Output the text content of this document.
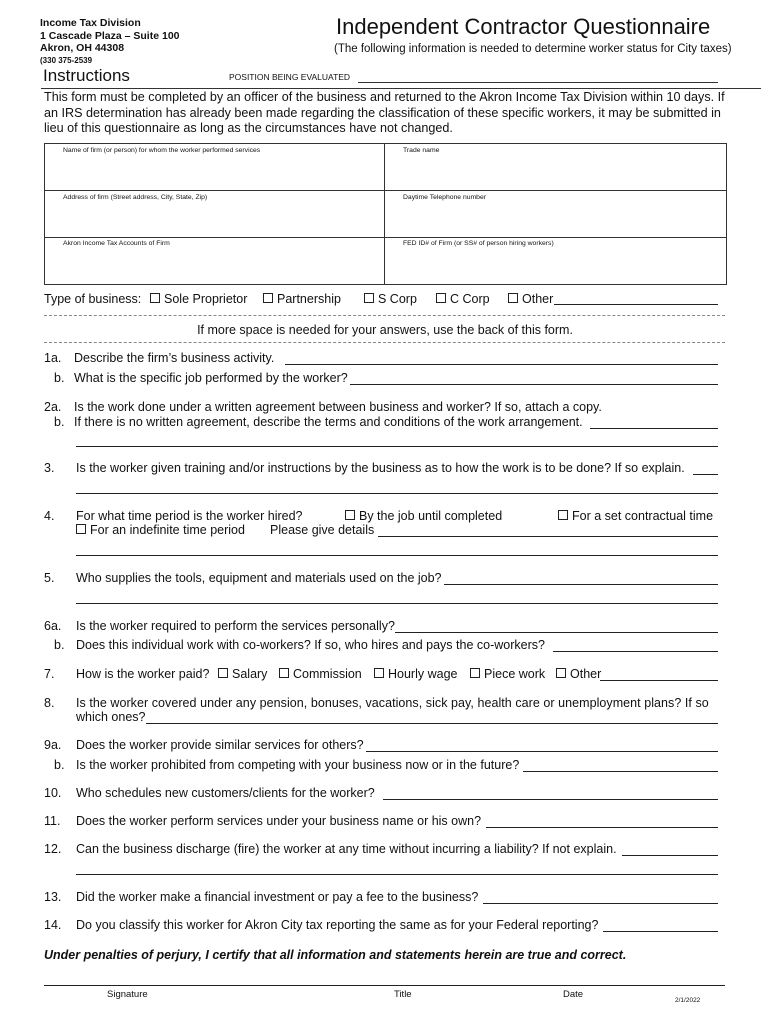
Income Tax Division
1 Cascade Plaza – Suite 100
Akron, OH 44308
(330 375-2539
Independent Contractor Questionnaire
(The following information is needed to determine worker status for City taxes)
Instructions	POSITION BEING EVALUATED
This form must be completed by an officer of the business and returned to the Akron Income Tax Division within 10 days. If an IRS determination has already been made regarding the classification of these specific workers, it may be submitted in lieu of this questionnaire as long as the circumstances have not changed.
Name of firm (or person) for whom the worker performed services	Trade name
Address of firm (Street address, City, State, Zip)	Daytime Telephone number
Akron Income Tax Accounts of Firm	FED ID# of Firm (or SS# of person hiring workers)
Type of business:	Sole Proprietor	Partnership	S Corp	C Corp	Other
If more space is needed for your answers, use the back of this form.
1a. Describe the firm’s business activity.
b. What is the specific job performed by the worker?
2a. Is the work done under a written agreement between business and worker? If so, attach a copy.
b. If there is no written agreement, describe the terms and conditions of the work arrangement.
3. Is the worker given training and/or instructions by the business as to how the work is to be done? If so explain.
4. For what time period is the worker hired?	By the job until completed	For a set contractual time
For an indefinite time period Please give details
5. Who supplies the tools, equipment and materials used on the job?
6a. Is the worker required to perform the services personally?
b. Does this individual work with co-workers? If so, who hires and pays the co-workers?
7. How is the worker paid?	Salary	Commission	Hourly wage	Piece work	Other
8. Is the worker covered under any pension, bonuses, vacations, sick pay, health care or unemployment plans? If so
which ones?
9a. Does the worker provide similar services for others?
b. Is the worker prohibited from competing with your business now or in the future?
10. Who schedules new customers/clients for the worker?
11. Does the worker perform services under your business name or his own?
12. Can the business discharge (fire) the worker at any time without incurring a liability? If not explain.
13. Did the worker make a financial investment or pay a fee to the business?
14. Do you classify this worker for Akron City tax reporting the same as for your Federal reporting?
Under penalties of perjury, I certify that all information and statements herein are true and correct.
Signature	Title	Date
2/1/2022
